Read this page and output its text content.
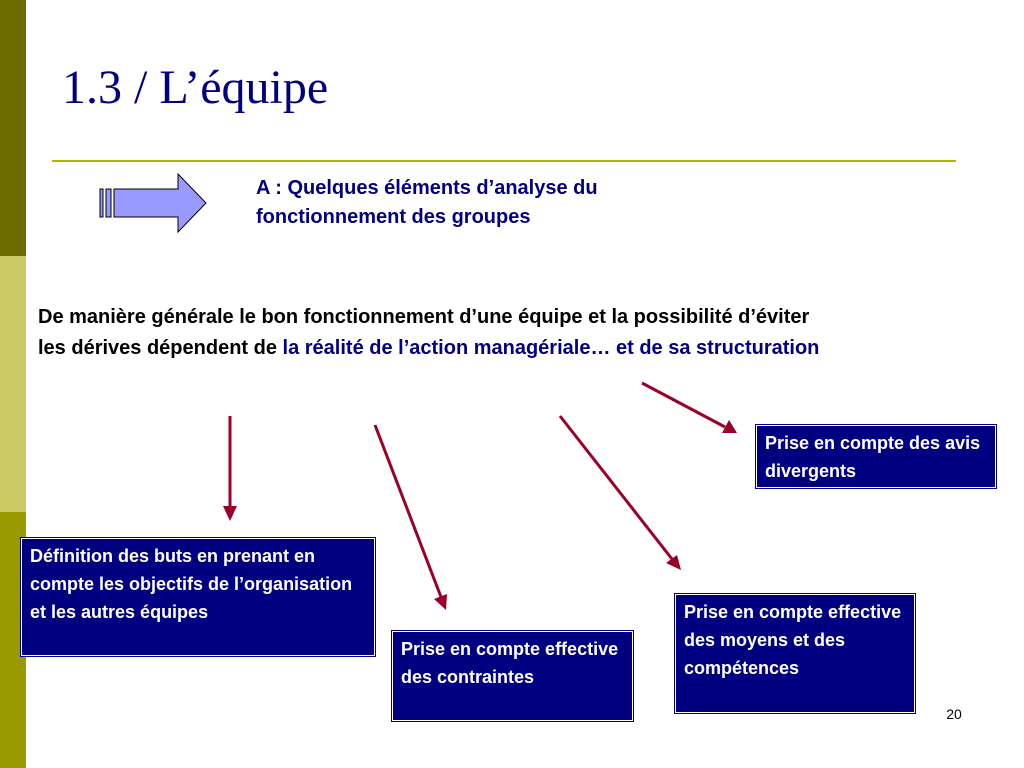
1.3 / L’équipe
A : Quelques éléments d’analyse du fonctionnement des groupes
De manière générale le bon fonctionnement d’une équipe et la possibilité d’éviter les dérives dépendent de la réalité de l’action managériale… et de sa structuration
Définition des buts en prenant en compte les objectifs de l’organisation et les autres équipes
Prise en compte des avis divergents
Prise en compte effective des contraintes
Prise en compte effective des moyens et des compétences
20
